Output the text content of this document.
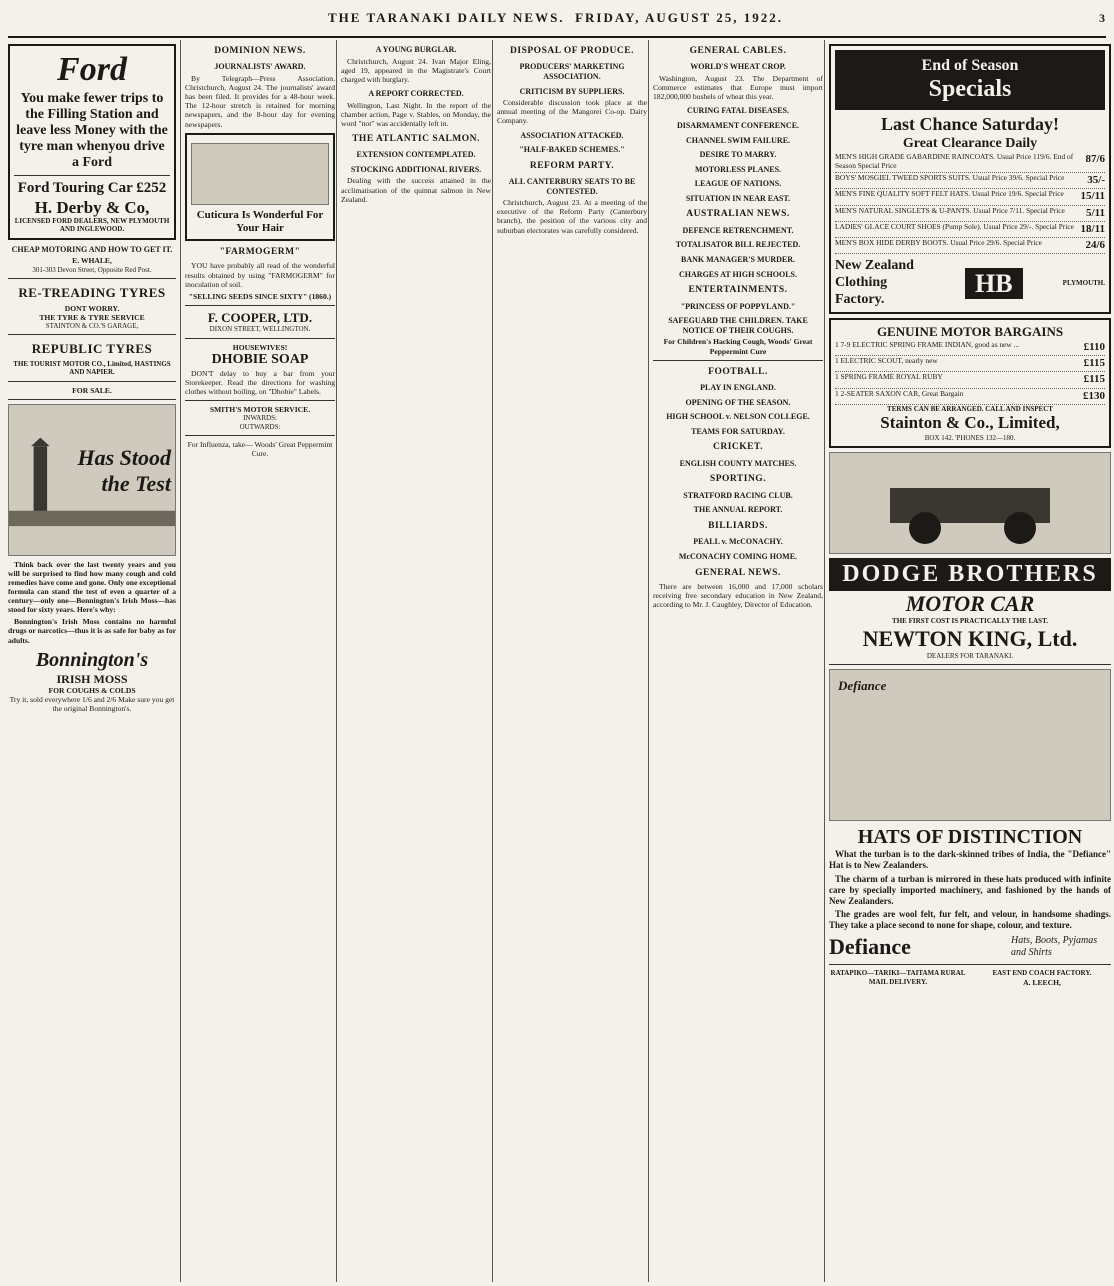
THE TARANAKI DAILY NEWS. FRIDAY, AUGUST 25, 1922.	3
Ford
You make fewer trips to the Filling Station and leave less Money with the tyre man whenyou drive a Ford
Ford Touring Car £252
H. Derby & Co,
LICENSED FORD DEALERS, NEW PLYMOUTH AND INGLEWOOD.
CHEAP MOTORING AND HOW TO GET IT.
E. WHALE,
301-303 Devon Street, Opposite Red Post.
RE-TREADING TYRES
DONT WORRY.
THE TYRE & TYRE SERVICE
STAINTON & CO.'S GARAGE,
REPUBLIC TYRES
THE TOURIST MOTOR CO., Limited, HASTINGS AND NAPIER.
FOR SALE.
Has Stood the Test

Think back over the last twenty years and you will be surprised to find how many cough and cold remedies have come and gone. Only one exceptional formula can stand the test of even a quarter of a century—only one—Bonnington's Irish Moss—has stood for sixty years. Here's why:

Bonnington's Irish Moss contains no harmful drugs or narcotics—thus it is as safe for baby as for adults.

Bonnington's
IRISH MOSS
FOR COUGHS & COLDS
Try it, sold everywhere 1/6 and 2/6 Make sure you get the original Bonnington's.
DOMINION NEWS.
JOURNALISTS' AWARD.

By Telegraph—Press Association. Christchurch, August 24. The journalists' award has been filed. It provides for a 48-hour week. The 12-hour stretch is retained for morning newspapers, and the 8-hour day for evening newspapers.

Cuticura Is Wonderful For Your Hair
"FARMOGERM"

YOU have probably all read of the wonderful results obtained by using "FARMOGERM" for inoculation of soil.

"SELLING SEEDS SINCE SIXTY" (1860.)
F. COOPER, LTD.
DIXON STREET, WELLINGTON.
HOUSEWIVES!
DHOBIE SOAP

DON'T delay to buy a bar from your Storekeeper. Read the directions for washing clothes without boiling, on "Dhobie" Labels.

SMITH'S MOTOR SERVICE.
INWARDS:
OUTWARDS:
For Influenza, take— Woods' Great Peppermint Cure.
A YOUNG BURGLAR.

Christchurch, August 24. Ivan Major Eling, aged 19, appeared in the Magistrate's Court charged with burglary.

A REPORT CORRECTED.

Wellington, Last Night. In the report of the chamber action, Page v. Stables, on Monday, the word "not" was accidentally left in.

THE ATLANTIC SALMON.
EXTENSION CONTEMPLATED.
STOCKING ADDITIONAL RIVERS.

Dealing with the success attained in the acclimatisation of the quinnat salmon in New Zealand.

DISPOSAL OF PRODUCE.
PRODUCERS' MARKETING ASSOCIATION.
CRITICISM BY SUPPLIERS.

Considerable discussion took place at the annual meeting of the Mangorei Co-op. Dairy Company.

ASSOCIATION ATTACKED.
"HALF-BAKED SCHEMES."
REFORM PARTY.
ALL CANTERBURY SEATS TO BE CONTESTED.

Christchurch, August 23. At a meeting of the executive of the Reform Party (Canterbury branch), the position of the various city and suburban electorates was carefully considered.

GENERAL CABLES.
WORLD'S WHEAT CROP.

Washington, August 23. The Department of Commerce estimates that Europe must import 182,000,000 bushels of wheat this year.

CURING FATAL DISEASES.
DISARMAMENT CONFERENCE.
CHANNEL SWIM FAILURE.
DESIRE TO MARRY.
MOTORLESS PLANES.
LEAGUE OF NATIONS.
SITUATION IN NEAR EAST.
AUSTRALIAN NEWS.
DEFENCE RETRENCHMENT.
TOTALISATOR BILL REJECTED.
BANK MANAGER'S MURDER.
CHARGES AT HIGH SCHOOLS.
ENTERTAINMENTS.
"PRINCESS OF POPPYLAND."
SAFEGUARD THE CHILDREN. TAKE NOTICE OF THEIR COUGHS.
For Children's Hacking Cough, Woods' Great Peppermint Cure
FOOTBALL.
PLAY IN ENGLAND.
OPENING OF THE SEASON.
HIGH SCHOOL v. NELSON COLLEGE.
TEAMS FOR SATURDAY.
CRICKET.
ENGLISH COUNTY MATCHES.
SPORTING.
STRATFORD RACING CLUB.
THE ANNUAL REPORT.
BILLIARDS.
PEALL v. McCONACHY.
McCONACHY COMING HOME.
GENERAL NEWS.

There are between 16,000 and 17,000 scholars receiving free secondary education in New Zealand, according to Mr. J. Caughley, Director of Education.

End of Season
Specials
Last Chance Saturday!
Great Clearance Daily
MEN'S HIGH GRADE GABARDINE RAINCOATS. Usual Price 119/6. End of Season Special Price
87/6
BOYS' MOSGIEL TWEED SPORTS SUITS. Usual Price 39/6. Special Price 35/-
MEN'S FINE QUALITY SOFT FELT HATS. Usual Price 19/6. Special Price 15/11
MEN'S NATURAL SINGLETS & U-PANTS. Usual Price 7/11. Special Price 5/11
LADIES' GLACE COURT SHOES (Pump Sole). Usual Price 29/-. Special Price 18/11
MEN'S BOX HIDE DERBY BOOTS. Usual Price 29/6. Special Price	24/6
New Zealand Clothing Factory.
HB	PLYMOUTH.
GENUINE MOTOR BARGAINS
1 7-9 ELECTRIC SPRING FRAME INDIAN, good as new ...	£110
1 ELECTRIC SCOUT, nearly new	£115
1 SPRING FRAME ROYAL RUBY	£115
1 2-SEATER SAXON CAR, Great Bargain	£130
TERMS CAN BE ARRANGED. CALL AND INSPECT
Stainton & Co., Limited,
BOX 142. 'PHONES 132—180.
DODGE BROTHERS
MOTOR CAR
THE FIRST COST IS PRACTICALLY THE LAST.
NEWTON KING, Ltd.
DEALERS FOR TARANAKI.
Defiance
HATS OF DISTINCTION

What the turban is to the dark-skinned tribes of India, the "Defiance" Hat is to New Zealanders.

The charm of a turban is mirrored in these hats produced with infinite care by specially imported machinery, and fashioned by the hands of New Zealanders.

The grades are wool felt, fur felt, and velour, in handsome shadings. They take a place second to none for shape, colour, and texture.

Defiance	Hats, Boots, Pyjamas and Shirts
RATAPIKO—TARIKI—TAITAMA RURAL MAIL DELIVERY.
EAST END COACH FACTORY.
A. LEECH,
